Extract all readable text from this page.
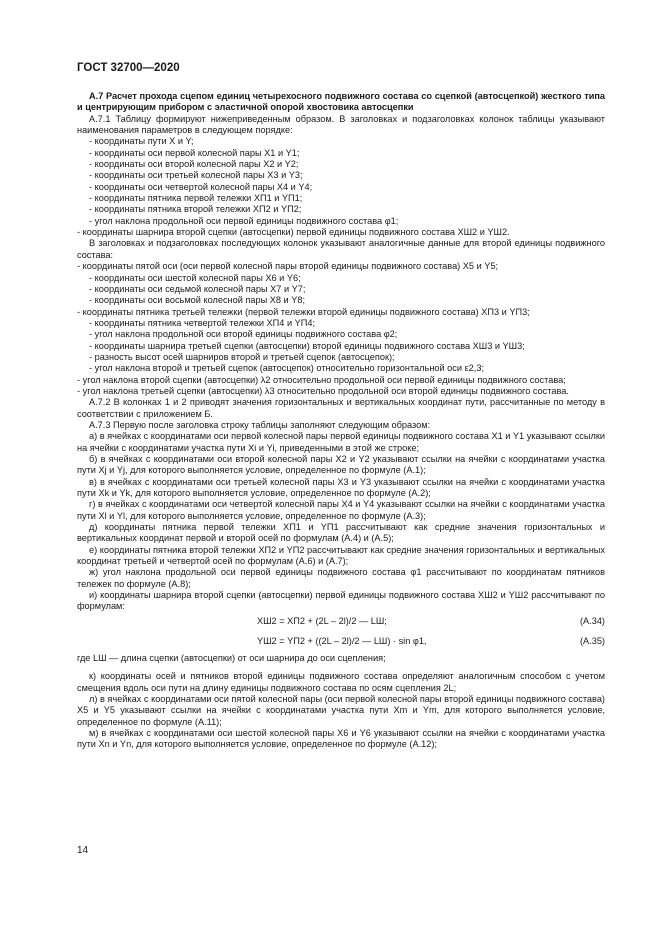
ГОСТ 32700—2020

А.7 Расчет прохода сцепом единиц четырехосного подвижного состава со сцепкой (автосцепкой) жесткого типа и центрирующим прибором с эластичной опорой хвостовика автосцепки

А.7.1 Таблицу формируют нижеприведенным образом. В заголовках и подзаголовках колонок таблицы указывают наименования параметров в следующем порядке:

- координаты пути X и Y;

- координаты оси первой колесной пары X1 и Y1;

- координаты оси второй колесной пары X2 и Y2;

- координаты оси третьей колесной пары X3 и Y3;

- координаты оси четвертой колесной пары X4 и Y4;

- координаты пятника первой тележки XП1 и YП1;

- координаты пятника второй тележки XП2 и YП2;

- угол наклона продольной оси первой единицы подвижного состава φ1;

- координаты шарнира второй сцепки (автосцепки) первой единицы подвижного состава XШ2 и YШ2.

В заголовках и подзаголовках последующих колонок указывают аналогичные данные для второй единицы подвижного состава:

- координаты пятой оси (оси первой колесной пары второй единицы подвижного состава) X5 и Y5;

- координаты оси шестой колесной пары X6 и Y6;

- координаты оси седьмой колесной пары X7 и Y7;

- координаты оси восьмой колесной пары X8 и Y8;

- координаты пятника третьей тележки (первой тележки второй единицы подвижного состава) XП3 и YП3;

- координаты пятника четвертой тележки XП4 и YП4;

- угол наклона продольной оси второй единицы подвижного состава φ2;

- координаты шарнира третьей сцепки (автосцепки) второй единицы подвижного состава XШ3 и YШ3;

- разность высот осей шарниров второй и третьей сцепок (автосцепок);

- угол наклона второй и третьей сцепок (автосцепок) относительно горизонтальной оси ε2,3;

- угол наклона второй сцепки (автосцепки) λ2 относительно продольной оси первой единицы подвижного состава;

- угол наклона третьей сцепки (автосцепки) λ3 относительно продольной оси второй единицы подвижного состава.

А.7.2 В колонках 1 и 2 приводят значения горизонтальных и вертикальных координат пути, рассчитанные по методу в соответствии с приложением Б.

А.7.3 Первую после заголовка строку таблицы заполняют следующим образом:

а) в ячейках с координатами оси первой колесной пары первой единицы подвижного состава X1 и Y1 указывают ссылки на ячейки с координатами участка пути Xi и Yi, приведенными в этой же строке;

б) в ячейках с координатами оси второй колесной пары X2 и Y2 указывают ссылки на ячейки с координатами участка пути Xj и Yj, для которого выполняется условие, определенное по формуле (А.1);

в) в ячейках с координатами оси третьей колесной пары X3 и Y3 указывают ссылки на ячейки с координатами участка пути Xk и Yk, для которого выполняется условие, определенное по формуле (А.2);

г) в ячейках с координатами оси четвертой колесной пары X4 и Y4 указывают ссылки на ячейки с координатами участка пути Xl и Yl, для которого выполняется условие, определенное по формуле (А.3);

д) координаты пятника первой тележки XП1 и YП1 рассчитывают как средние значения горизонтальных и вертикальных координат первой и второй осей по формулам (А.4) и (А.5);

е) координаты пятника второй тележки XП2 и YП2 рассчитывают как средние значения горизонтальных и вертикальных координат третьей и четвертой осей по формулам (А.6) и (А.7);

ж) угол наклона продольной оси первой единицы подвижного состава φ1 рассчитывают по координатам пятников тележек по формуле (А.8);

и) координаты шарнира второй сцепки (автосцепки) первой единицы подвижного состава XШ2 и YШ2 рассчитывают по формулам:

XШ2 = XП2 + (2L – 2l)/2 — LШ;	(А.34)
YШ2 = YП2 + ((2L – 2l)/2 — LШ) · sin φ1,	(А.35)

где LШ — длина сцепки (автосцепки) от оси шарнира до оси сцепления;

к) координаты осей и пятников второй единицы подвижного состава определяют аналогичным способом с учетом смещения вдоль оси пути на длину единицы подвижного состава по осям сцепления 2L;

л) в ячейках с координатами оси пятой колесной пары (оси первой колесной пары второй единицы подвижного состава) X5 и Y5 указывают ссылки на ячейки с координатами участка пути Xm и Ym, для которого выполняется условие, определенное по формуле (А.11);

м) в ячейках с координатами оси шестой колесной пары X6 и Y6 указывают ссылки на ячейки с координатами участка пути Xn и Yn, для которого выполняется условие, определенное по формуле (А.12);

14
